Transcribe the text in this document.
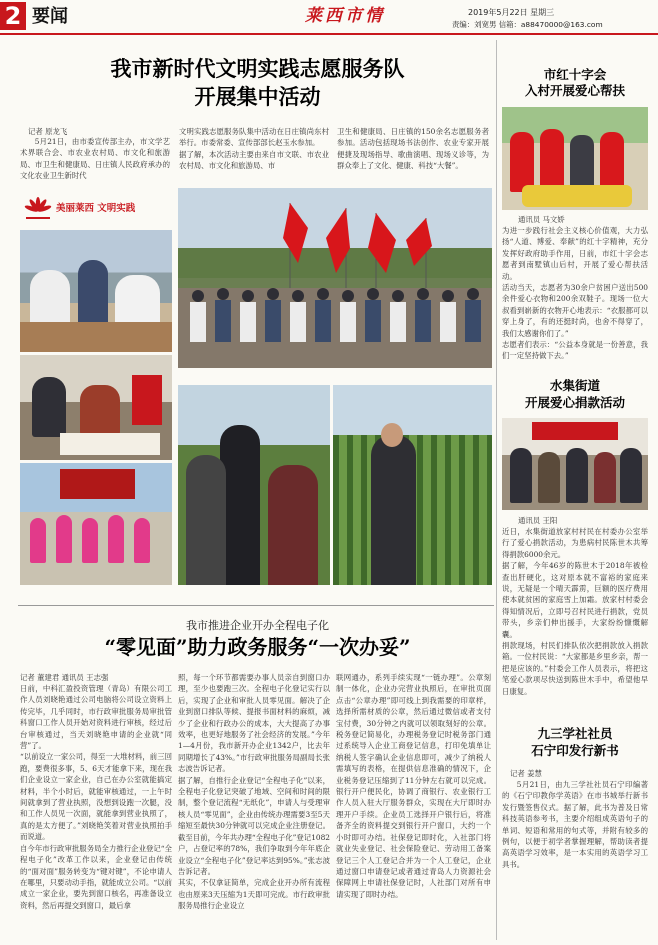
2 要闻	莱西市情	2019年5月22日 星期三
责编：刘宽男 信箱：a88470000@163.com
我市新时代文明实践志愿服务队
开展集中活动
记者 原龙飞

5月21日，由市委宣传部主办，市文学艺术界联合会、市农业农村局、市文化和旅游局、市卫生和健康局、日庄镇人民政府承办的文化农业卫生新时代

文明实践志愿服务队集中活动在日庄镇尚东村举行。市委常委、宣传部部长赵玉水参加。
据了解，本次活动主要由来自市文联、市农业农村局、市文化和旅游局、市
卫生和健康局、日庄镇的150余名志愿服务者参加。活动包括现场书法创作、农业专家开展便捷及现场指导、歌曲演唱、现场义诊等，为群众奉上了文化、健康、科技“大餐”。
美丽莱西 文明实践
我市推进企业开办全程电子化
“零见面”助力政务服务“一次办妥”
记者 董建君 通讯员 王志强
日前，中科汇盈投资管理（青岛）有限公司工作人员刘晓艳通过公司电脑将公司设立资料上传完毕，几乎同时，市行政审批服务局审批管科窗口工作人员开始对资料进行审核，经过后台审核通过，当天刘晓艳申请的企业就“同营”了。
“以前设立一家公司，得至一大堆材料，前三回跑，要费很多事，5、6天才能拿下来，现在我们企业设立一家企业，自己在办公室就能搞定材料，半个小时后，就能审核通过，一上午时间就拿到了营业执照，没想到设跑一次腿，没和工作人员见一次面，就能拿到营业执照了，真的是太方便了。”刘晓艳笑着对营业执照拍手而说道。
自今年市行政审批服务局全力推行企业登记“全程电子化”改革工作以来，企业登记由传统的“面对面”服务转变为“键对键”，不论申请人在哪里，只要动动手指，就能成立公司。“以前成立一家企业，要先到窗口核名，再准备设立资料，然后再提交到窗口，最后拿
照，每一个环节都需要办事人员亲自到窗口办理，至少也要跑三次。全程电子化登记实行以后，实现了企业和审批人员零见面。解决了企业到窗口排队等候、提报书面材料的麻烦，减少了企业和行政办公的成本，大大提高了办事效率，也更好地服务了社会经济的发展。”今年1—4月份，我市新开办企业1342户，比去年同期增长了43%。”市行政审批服务局副局长张志波告诉记者。
据了解，自推行企业登记“全程电子化”以来，全程电子化登记突破了地域、空间和时间的限制，整个登记流程“无纸化”，申请人与受理审核人员“零见面”，企业由传统办理需要3至5天缩短至最快30分钟就可以完成企业注册登记。截至目前，今年共办理“全程电子化”登记1082户，占登记率的78%，我们争取到今年年底企业设立“全程电子化”登记率达到95%。”张志波告诉记者。
其实，不仅拿证简单，完成企业开办所有流程也由原来3天压缩为1天即可完成。市行政审批服务局推行企业设立
联网通办，系列手续实现“一链办理”。公章刻制一体化，企业办完营业执照后，在审批页面点击“公章办理”即可线上到我需要的印章样，选择所需材质的公章，然后通过微信或者支付宝付费，30分钟之内就可以领取刻好的公章。税务登记简易化，办理税务登记时税务部门通过系统导入企业工商登记信息，打印免填单让纳税人签字确认企业信息即可，减少了纳税人需填写的表格，在提供信息准确的情况下，企业税务登记压缩到了11分钟左右就可以完成。银行开户便民化，协调了商银行、农业银行工作人员入驻大厅服务群众，实现在大厅即时办理开户手续。企业员工选择开户银行后，将准备齐全的资料提交到银行开户窗口，大约一个小时即可办结。社保登记即时化，入社部门将就业失业登记、社会保险登记、劳动用工备案登记三个人工登记合并为一个人工登记，企业通过窗口申请登记或者通过青岛人力资源社会保障网上申请社保登记时，人社部门对所有申请实现了即时办结。
市红十字会
入村开展爱心帮扶
通讯员 马文娇
为进一步践行社会主义核心价值观，大力弘扬“人道、博爱、奉献”的红十字精神，充分发挥好政府助手作用，日前，市红十字会志愿者到南墅镇山后村，开展了爱心帮扶活动。
活动当天，志愿者为30余户贫困户送出500余件爱心衣物和200余双鞋子。现场一位大叔看到崭新的衣物开心地表示：“衣服都可以穿上身了，有的还挺时尚，也舍不得穿了，我们太感谢你们了。”
志愿者们表示：“公益本身就是一份善意，我们一定坚持做下去。”
水集街道
开展爱心捐款活动
通讯员 王阳
近日，水集街道放家村村民在村委办公室举行了爱心捐款活动，为患病村民陈世木共筹得捐款6000余元。
据了解，今年46岁的陈世木于2018年被检查出肝硬化，这对原本就不富裕的家庭来说，无疑是一个晴天霹雳，巨额的医疗费用使本就贫困的家庭雪上加霜。放家村村委会得知情况后，立即号召村民进行捐款，党员带头，乡亲们伸出援手，大家纷纷慷慨解囊。
捐款现场，村民们排队依次把捐款放入捐款箱。一位村民说：“大家都是乡里乡亲，帮一把是应该的。”村委会工作人员表示，将把这笔爱心款项尽快送到陈世木手中，希望他早日康复。
九三学社社员
石宁印发行新书
记者 姜慧

5月21日，由九三学社社员石宁印编著的《石宁印教你学英语》在市书城举行新书发行暨签售仪式。据了解，此书为普及日常科技英语参考书，主要介绍组成英语句子的单词、短语和常用的句式等，并附有较多的例句，以便于初学者掌握理解，帮助读者提高英语学习效率，是一本实用的英语学习工具书。
